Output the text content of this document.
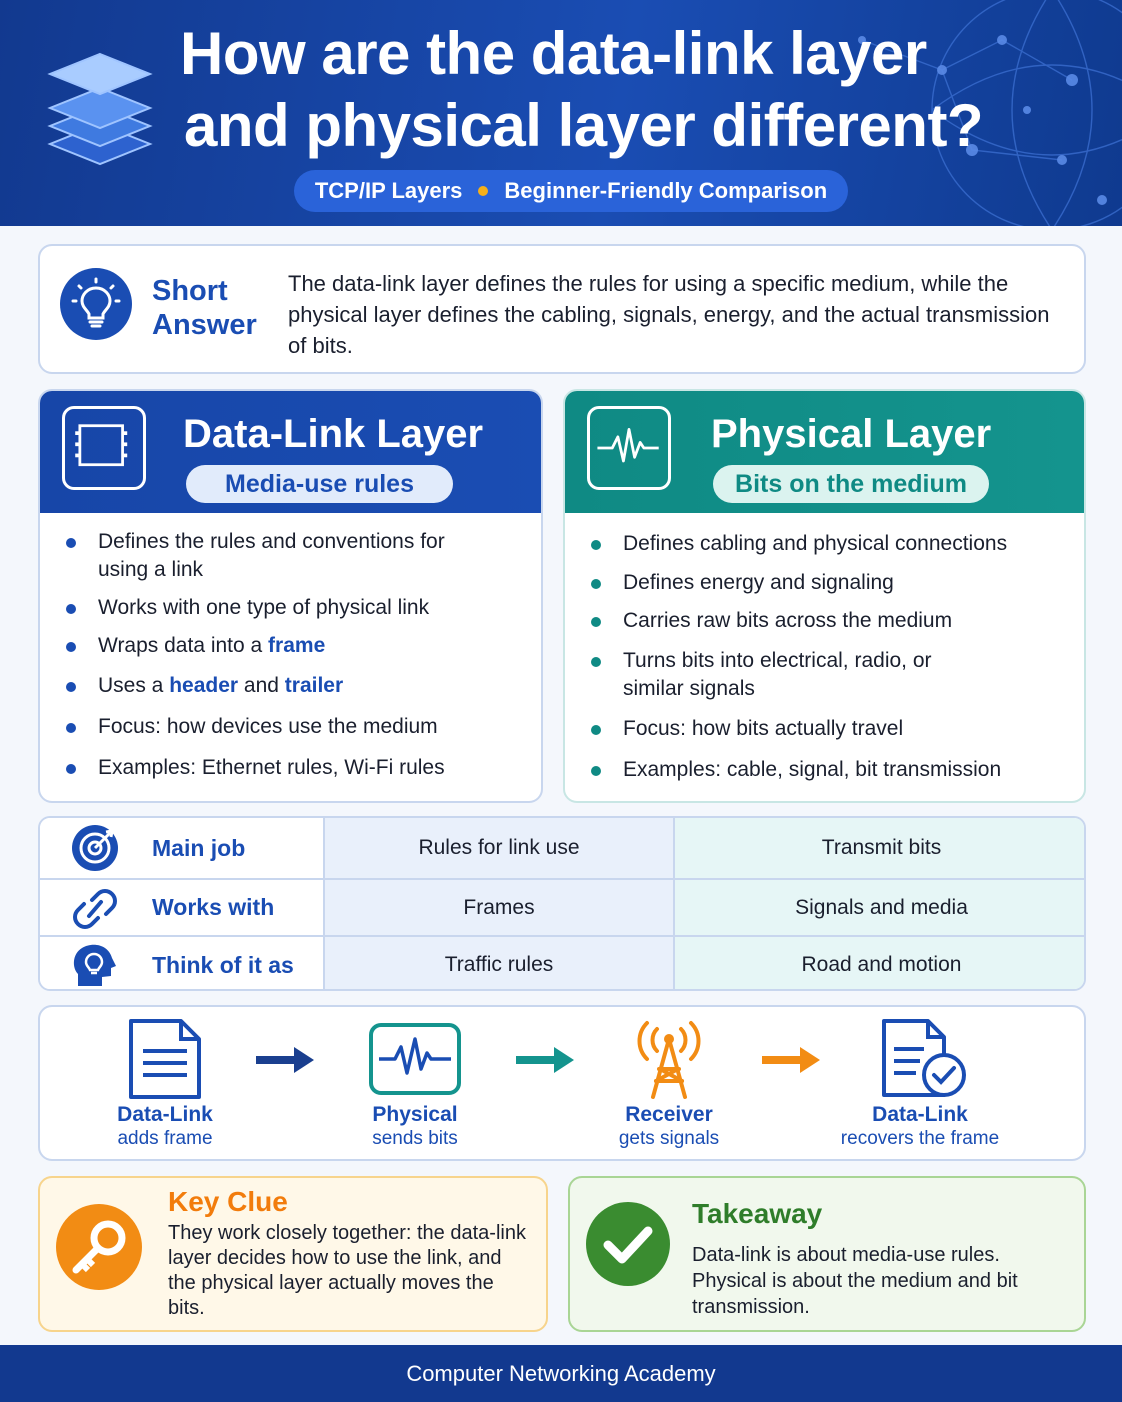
How are the data-link layer
and physical layer different?
TCP/IP Layers Beginner-Friendly Comparison
Short
Answer
The data-link layer defines the rules for using a specific medium, while the physical layer defines the cabling, signals, energy, and the actual transmission of bits.
Data-Link Layer
Media-use rules
Defines the rules and conventions for using a link
Works with one type of physical link
Wraps data into a frame
Uses a header and trailer
Focus: how devices use the medium
Examples: Ethernet rules, Wi-Fi rules
Physical Layer
Bits on the medium
Defines cabling and physical connections
Defines energy and signaling
Carries raw bits across the medium
Turns bits into electrical, radio, or similar signals
Focus: how bits actually travel
Examples: cable, signal, bit transmission
Main job	Rules for link use	Transmit bits
Works with	Frames	Signals and media
Think of it as	Traffic rules	Road and motion
Data-Link
adds frame
Physical
sends bits
Receiver
gets signals
Data-Link
recovers the frame
Key Clue
They work closely together: the data-link layer decides how to use the link, and the physical layer actually moves the bits.
Takeaway
Data-link is about media-use rules. Physical is about the medium and bit transmission.
Computer Networking Academy
